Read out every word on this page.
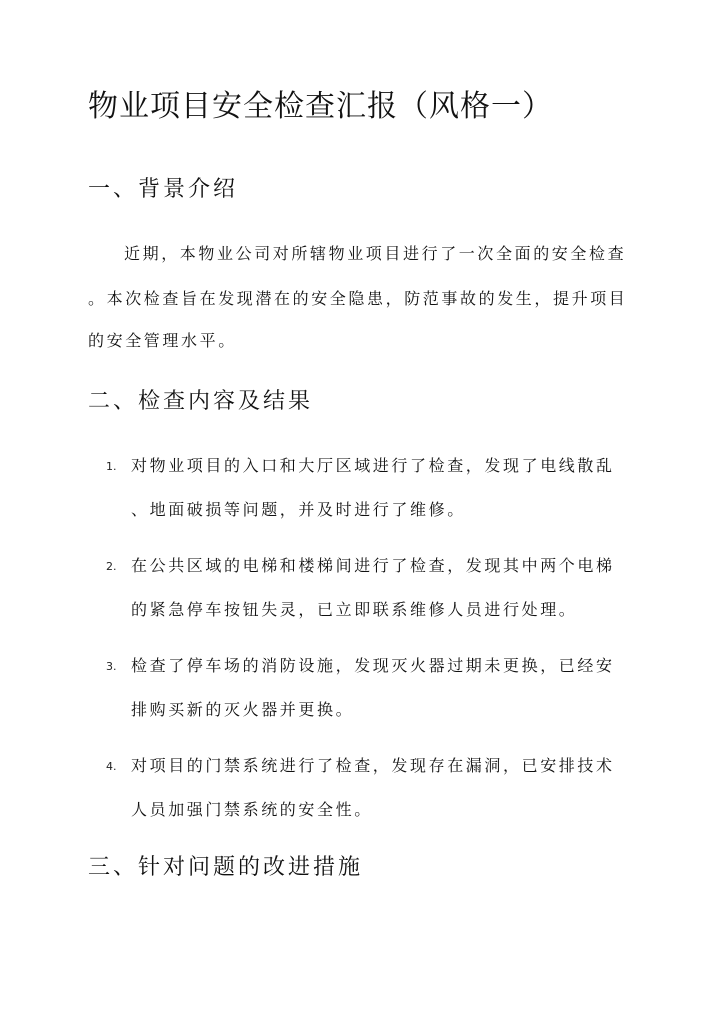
物业项目安全检查汇报（风格一）
一、背景介绍
近期，本物业公司对所辖物业项目进行了一次全面的安全检查
。本次检查旨在发现潜在的安全隐患，防范事故的发生，提升项目
的安全管理水平。
二、检查内容及结果
1. 对物业项目的入口和大厅区域进行了检查，发现了电线散乱
、地面破损等问题，并及时进行了维修。
2. 在公共区域的电梯和楼梯间进行了检查，发现其中两个电梯
的紧急停车按钮失灵，已立即联系维修人员进行处理。
3. 检查了停车场的消防设施，发现灭火器过期未更换，已经安
排购买新的灭火器并更换。
4. 对项目的门禁系统进行了检查，发现存在漏洞，已安排技术
人员加强门禁系统的安全性。
三、针对问题的改进措施
